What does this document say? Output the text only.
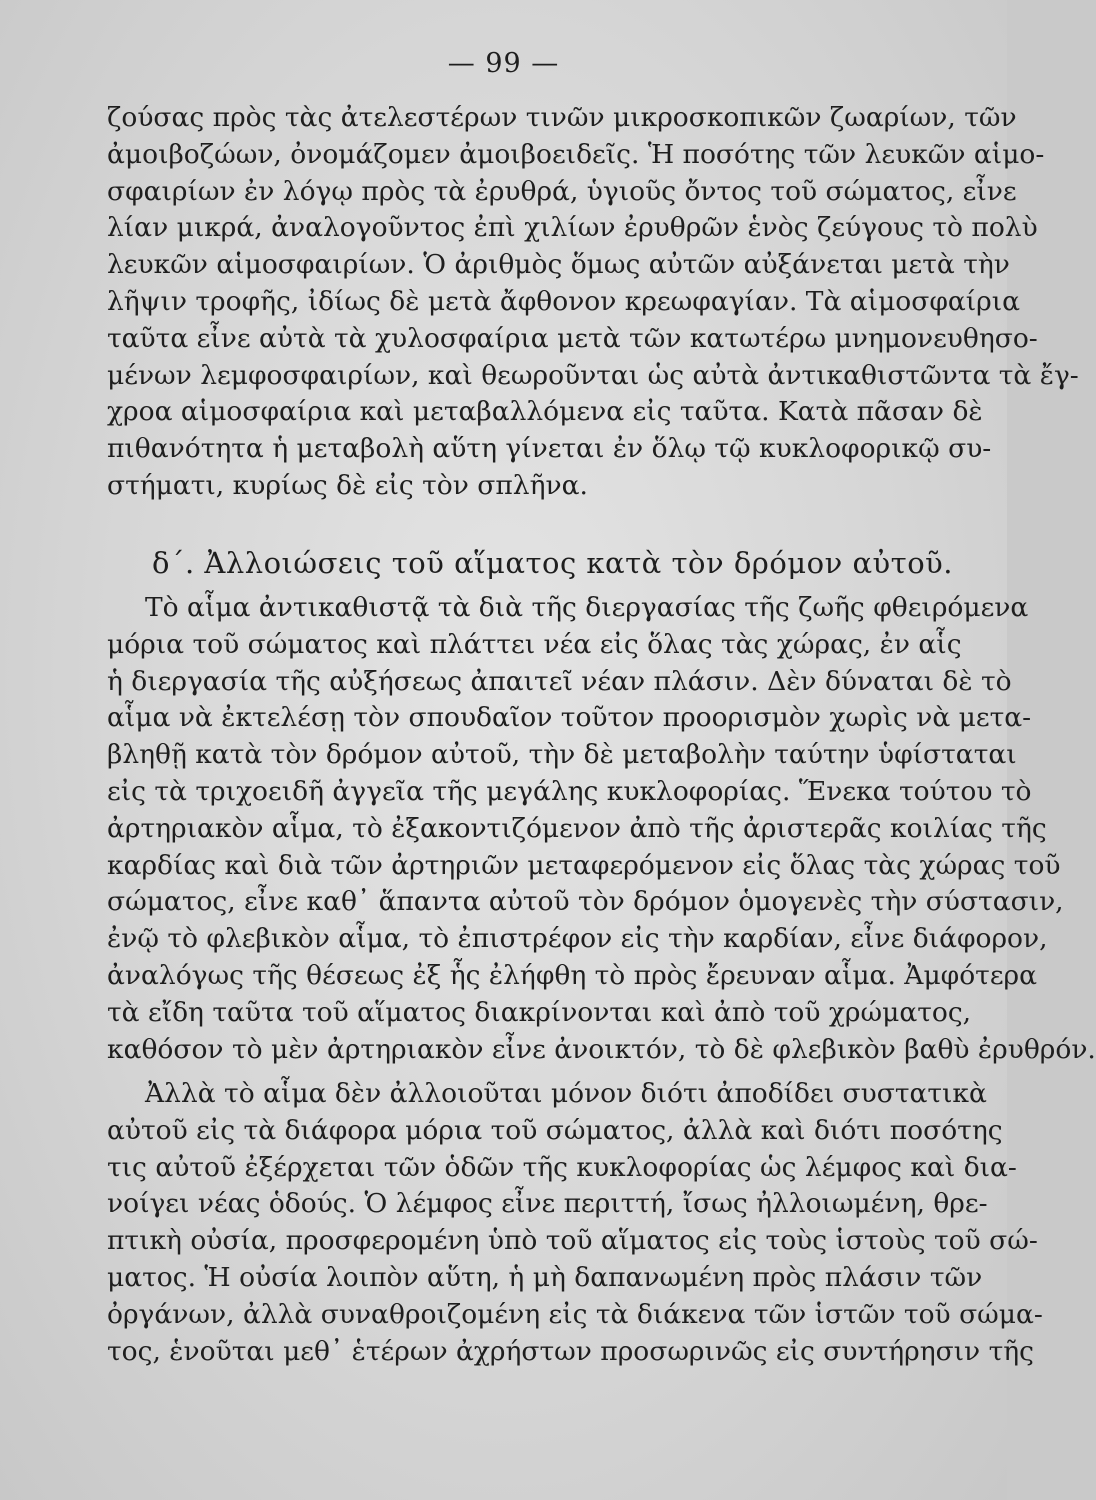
— 99 —
ζούσας πρὸς τὰς ἀτελεστέρων τινῶν μικροσκοπικῶν ζωαρίων, τῶν
ἀμοιβοζώων, ὀνομάζομεν ἀμοιβοειδεῖς. Ἡ ποσότης τῶν λευκῶν αἱμο-
σφαιρίων ἐν λόγῳ πρὸς τὰ ἐρυθρά, ὑγιοῦς ὄντος τοῦ σώματος, εἶνε
λίαν μικρά, ἀναλογοῦντος ἐπὶ χιλίων ἐρυθρῶν ἑνὸς ζεύγους τὸ πολὺ
λευκῶν αἱμοσφαιρίων. Ὁ ἀριθμὸς ὅμως αὐτῶν αὐξάνεται μετὰ τὴν
λῆψιν τροφῆς, ἰδίως δὲ μετὰ ἄφθονον κρεωφαγίαν. Τὰ αἱμοσφαίρια
ταῦτα εἶνε αὐτὰ τὰ χυλοσφαίρια μετὰ τῶν κατωτέρω μνημονευθησο-
μένων λεμφοσφαιρίων, καὶ θεωροῦνται ὡς αὐτὰ ἀντικαθιστῶντα τὰ ἔγ-
χροα αἱμοσφαίρια καὶ μεταβαλλόμενα εἰς ταῦτα. Κατὰ πᾶσαν δὲ
πιθανότητα ἡ μεταβολὴ αὕτη γίνεται ἐν ὅλῳ τῷ κυκλοφορικῷ συ-
στήματι, κυρίως δὲ εἰς τὸν σπλῆνα.
δ΄. Ἀλλοιώσεις τοῦ αἵματος κατὰ τὸν δρόμον αὐτοῦ.
Τὸ αἷμα ἀντικαθιστᾷ τὰ διὰ τῆς διεργασίας τῆς ζωῆς φθειρόμενα
μόρια τοῦ σώματος καὶ πλάττει νέα εἰς ὅλας τὰς χώρας, ἐν αἷς
ἡ διεργασία τῆς αὐξήσεως ἀπαιτεῖ νέαν πλάσιν. Δὲν δύναται δὲ τὸ
αἷμα νὰ ἐκτελέσῃ τὸν σπουδαῖον τοῦτον προορισμὸν χωρὶς νὰ μετα-
βληθῇ κατὰ τὸν δρόμον αὐτοῦ, τὴν δὲ μεταβολὴν ταύτην ὑφίσταται
εἰς τὰ τριχοειδῆ ἀγγεῖα τῆς μεγάλης κυκλοφορίας. Ἕνεκα τούτου τὸ
ἀρτηριακὸν αἷμα, τὸ ἐξακοντιζόμενον ἀπὸ τῆς ἀριστερᾶς κοιλίας τῆς
καρδίας καὶ διὰ τῶν ἀρτηριῶν μεταφερόμενον εἰς ὅλας τὰς χώρας τοῦ
σώματος, εἶνε καθ᾽ ἅπαντα αὐτοῦ τὸν δρόμον ὁμογενὲς τὴν σύστασιν,
ἐνῷ τὸ φλεβικὸν αἷμα, τὸ ἐπιστρέφον εἰς τὴν καρδίαν, εἶνε διάφορον,
ἀναλόγως τῆς θέσεως ἐξ ἧς ἐλήφθη τὸ πρὸς ἔρευναν αἷμα. Ἀμφότερα
τὰ εἴδη ταῦτα τοῦ αἵματος διακρίνονται καὶ ἀπὸ τοῦ χρώματος,
καθόσον τὸ μὲν ἀρτηριακὸν εἶνε ἀνοικτόν, τὸ δὲ φλεβικὸν βαθὺ ἐρυθρόν.
Ἀλλὰ τὸ αἷμα δὲν ἀλλοιοῦται μόνον διότι ἀποδίδει συστατικὰ
αὐτοῦ εἰς τὰ διάφορα μόρια τοῦ σώματος, ἀλλὰ καὶ διότι ποσότης
τις αὐτοῦ ἐξέρχεται τῶν ὁδῶν τῆς κυκλοφορίας ὡς λέμφος καὶ δια-
νοίγει νέας ὁδούς. Ὁ λέμφος εἶνε περιττή, ἴσως ἠλλοιωμένη, θρε-
πτικὴ οὐσία, προσφερομένη ὑπὸ τοῦ αἵματος εἰς τοὺς ἱστοὺς τοῦ σώ-
ματος. Ἡ οὐσία λοιπὸν αὕτη, ἡ μὴ δαπανωμένη πρὸς πλάσιν τῶν
ὀργάνων, ἀλλὰ συναθροιζομένη εἰς τὰ διάκενα τῶν ἱστῶν τοῦ σώμα-
τος, ἑνοῦται μεθ᾽ ἑτέρων ἀχρήστων προσωρινῶς εἰς συντήρησιν τῆς
